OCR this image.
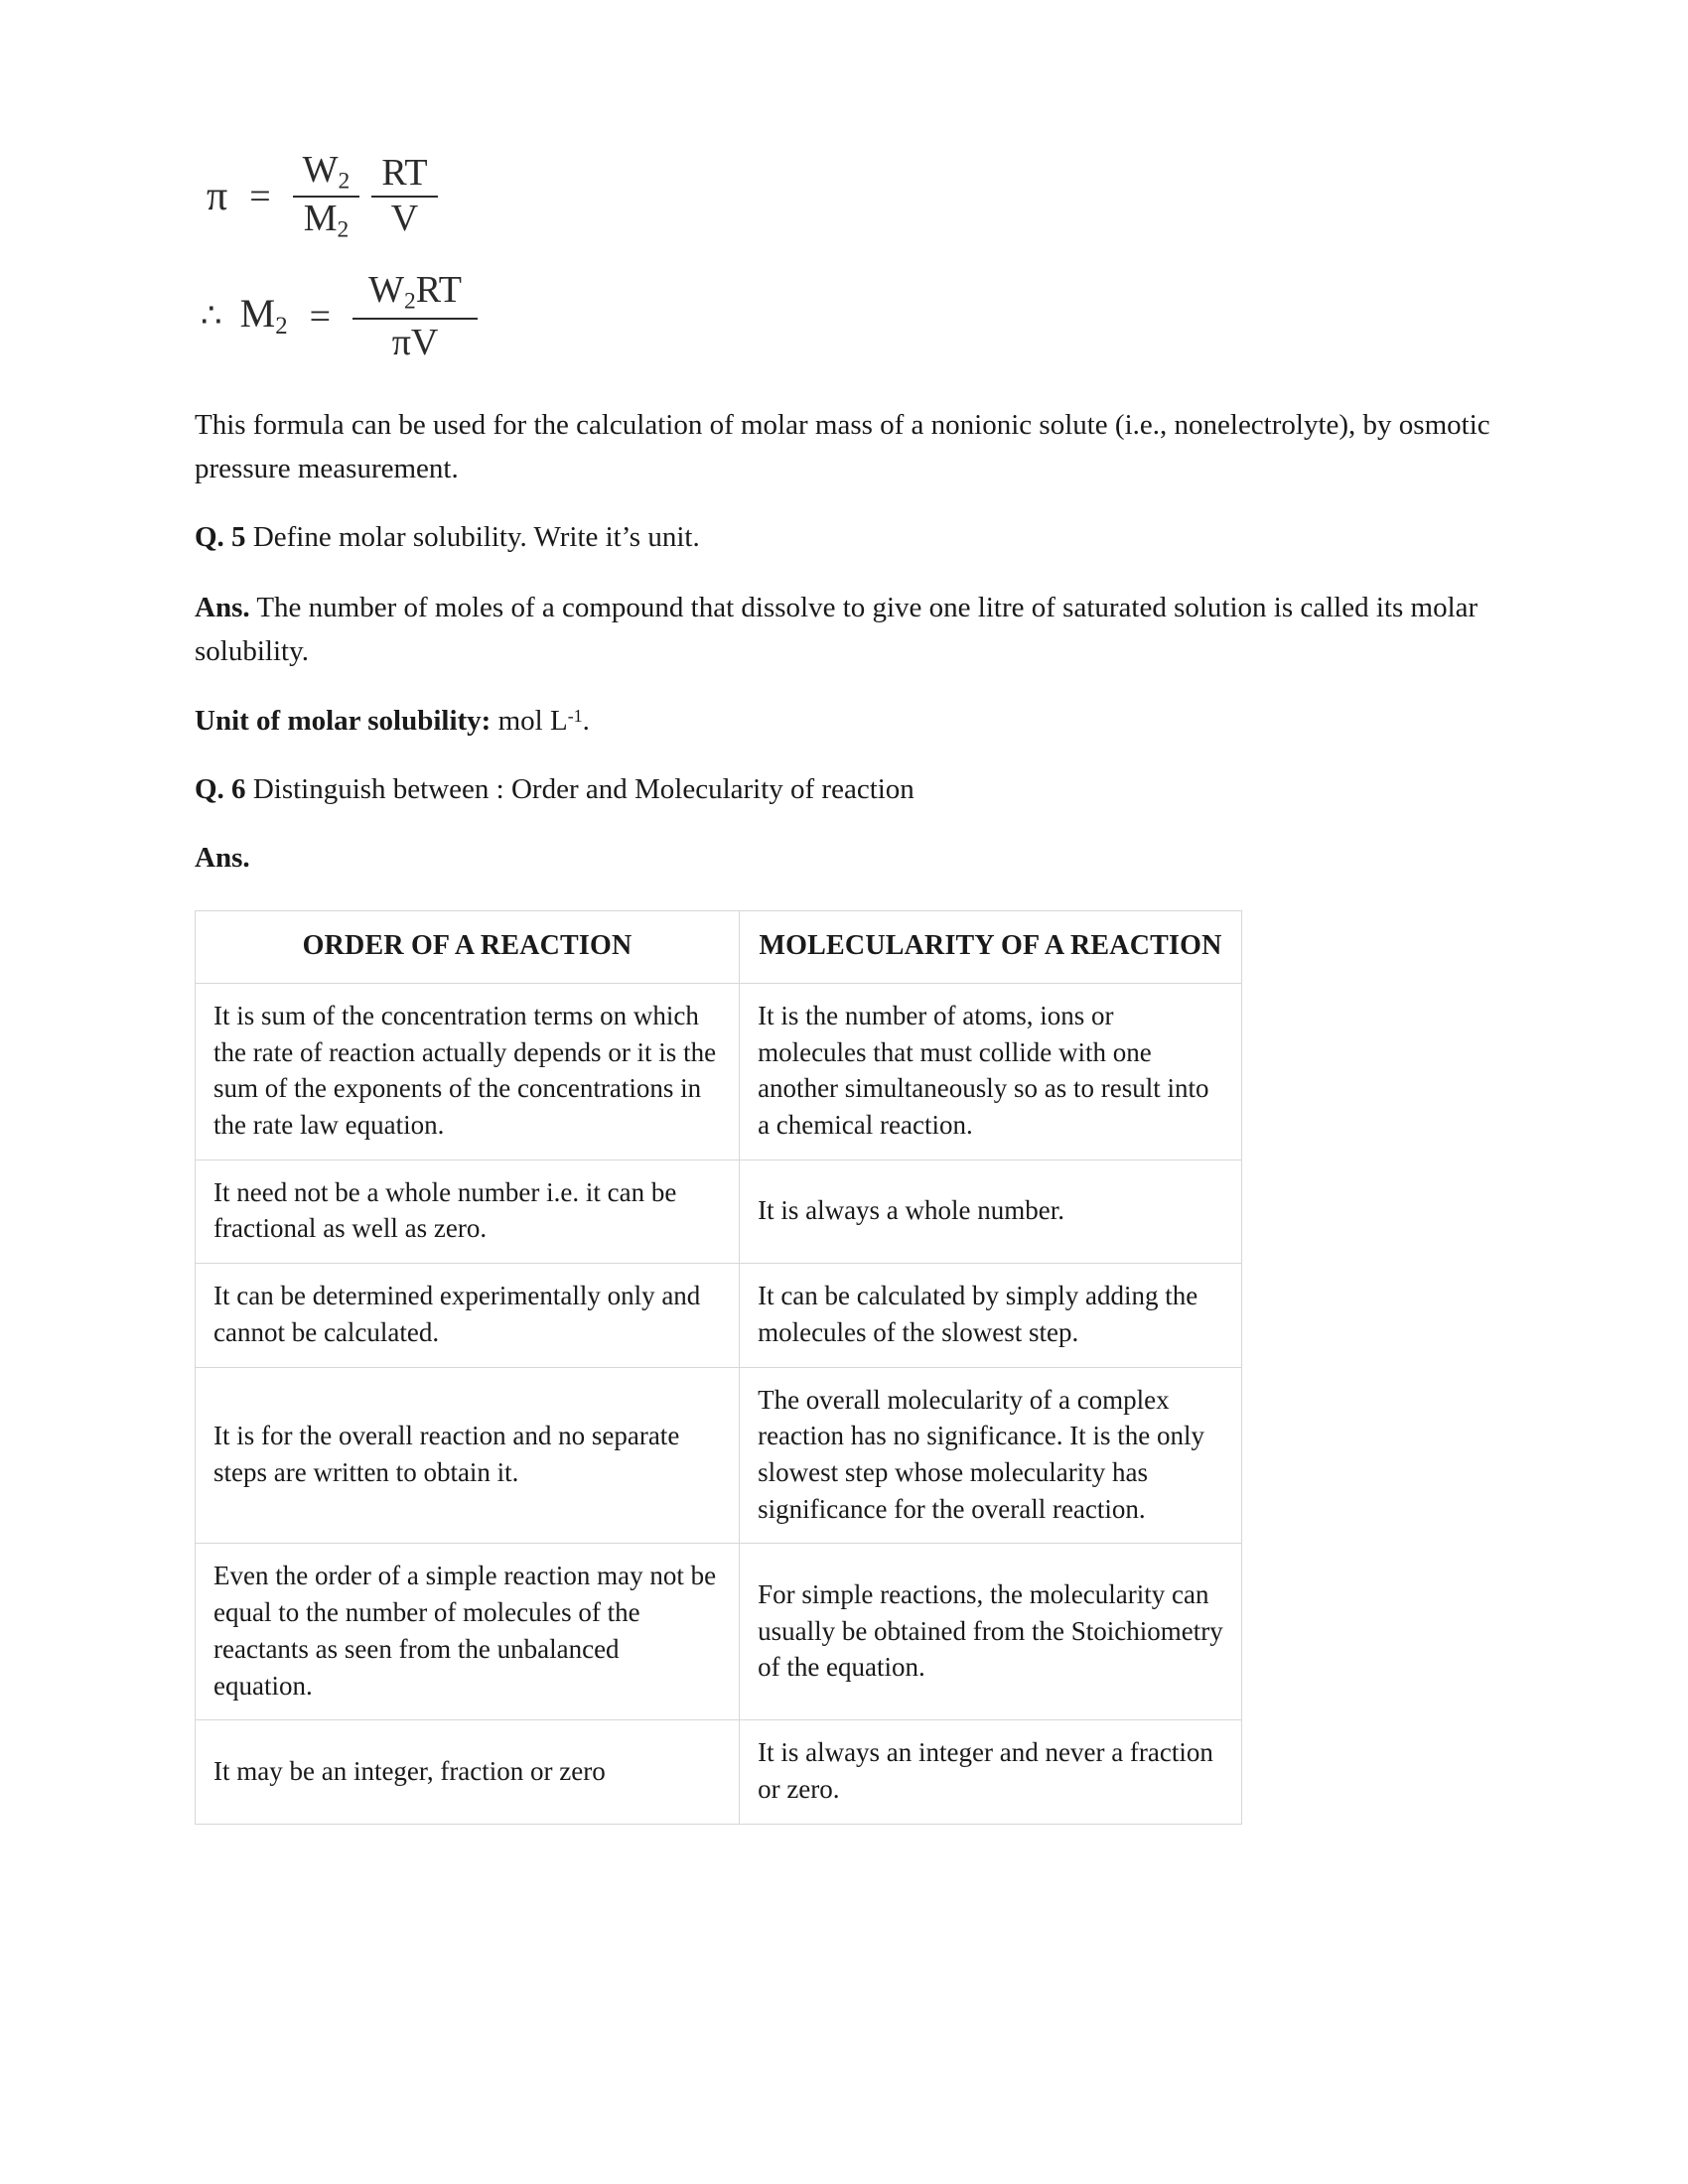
$\pi = \frac{W_2}{M_2} \frac{RT}{V}$
∴ $M_2 = \frac{W_2RT}{\pi V}$

This formula can be used for the calculation of molar mass of a nonionic solute (i.e., nonelectrolyte), by osmotic pressure measurement.

Q. 5 Define molar solubility. Write it’s unit.

Ans. The number of moles of a compound that dissolve to give one litre of saturated solution is called its molar solubility.

Unit of molar solubility: mol $L^{-1}$.

Q. 6 Distinguish between : Order and Molecularity of reaction

Ans.

ORDER OF A REACTION	MOLECULARITY OF A REACTION

It is sum of the concentration terms on which the rate of reaction actually depends or it is the sum of the exponents of the concentrations in the rate law equation.	It is the number of atoms, ions or molecules that must collide with one another simultaneously so as to result into a chemical reaction.

It need not be a whole number i.e. it can be fractional as well as zero.	It is always a whole number.

It can be determined experimentally only and cannot be calculated.	It can be calculated by simply adding the molecules of the slowest step.

It is for the overall reaction and no separate steps are written to obtain it.	The overall molecularity of a complex reaction has no significance. It is the only slowest step whose molecularity has significance for the overall reaction.

Even the order of a simple reaction may not be equal to the number of molecules of the reactants as seen from the unbalanced equation.	For simple reactions, the molecularity can usually be obtained from the Stoichiometry of the equation.

It may be an integer, fraction or zero	It is always an integer and never a fraction or zero.
